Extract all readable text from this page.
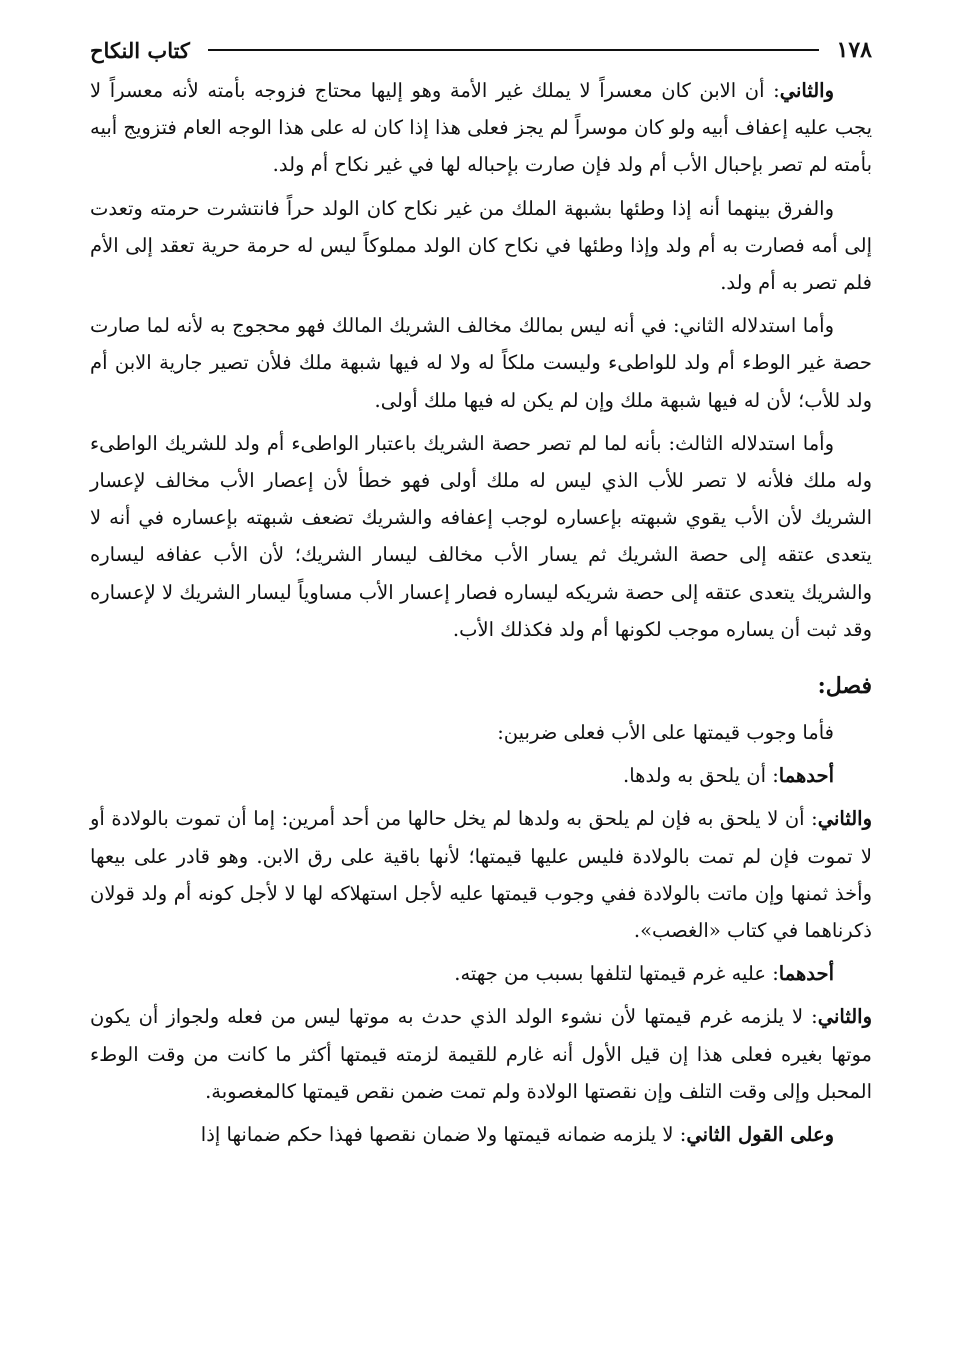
١٧٨
كتاب النكاح

والثاني: أن الابن كان معسراً لا يملك غير الأمة وهو إليها محتاج فزوجه بأمته لأنه معسراً لا يجب عليه إعفاف أبيه ولو كان موسراً لم يجز فعلى هذا إذا كان له على هذا الوجه العام فتزويج أبيه بأمته لم تصر بإحبال الأب أم ولد فإن صارت بإحباله لها في غير نكاح أم ولد.

والفرق بينهما أنه إذا وطئها بشبهة الملك من غير نكاح كان الولد حراً فانتشرت حرمته وتعدت إلى أمه فصارت به أم ولد وإذا وطئها في نكاح كان الولد مملوكاً ليس له حرمة حرية تعقد إلى الأم فلم تصر به أم ولد.

وأما استدلاله الثاني: في أنه ليس بمالك مخالف الشريك المالك فهو محجوج به لأنه لما صارت حصة غير الوطء أم ولد للواطىء وليست ملكاً له ولا له فيها شبهة ملك فلأن تصير جارية الابن أم ولد للأب؛ لأن له فيها شبهة ملك وإن لم يكن له فيها ملك أولى.

وأما استدلاله الثالث: بأنه لما لم تصر حصة الشريك باعتبار الواطىء أم ولد للشريك الواطىء وله ملك فلأنه لا تصر للأب الذي ليس له ملك أولى فهو خطأ لأن إعصار الأب مخالف لإعسار الشريك لأن الأب يقوي شبهته بإعساره لوجب إعفافه والشريك تضعف شبهته بإعساره في أنه لا يتعدى عتقه إلى حصة الشريك ثم يسار الأب مخالف ليسار الشريك؛ لأن الأب عفافه ليساره والشريك يتعدى عتقه إلى حصة شريكه ليساره فصار إعسار الأب مساوياً ليسار الشريك لا لإعساره وقد ثبت أن يساره موجب لكونها أم ولد فكذلك الأب.

فصل:

فأما وجوب قيمتها على الأب فعلى ضربين:

أحدهما: أن يلحق به ولدها.

والثاني: أن لا يلحق به فإن لم يلحق به ولدها لم يخل حالها من أحد أمرين: إما أن تموت بالولادة أو لا تموت فإن لم تمت بالولادة فليس عليها قيمتها؛ لأنها باقية على رق الابن. وهو قادر على بيعها وأخذ ثمنها وإن ماتت بالولادة ففي وجوب قيمتها عليه لأجل استهلاكه لها لا لأجل كونه أم ولد قولان ذكرناهما في كتاب «الغصب».

أحدهما: عليه غرم قيمتها لتلفها بسبب من جهته.

والثاني: لا يلزمه غرم قيمتها لأن نشوء الولد الذي حدث به موتها ليس من فعله ولجواز أن يكون موتها بغيره فعلى هذا إن قيل الأول أنه غارم للقيمة لزمته قيمتها أكثر ما كانت من وقت الوطء المحبل وإلى وقت التلف وإن نقصتها الولادة ولم تمت ضمن نقص قيمتها كالمغصوبة.

وعلى القول الثاني: لا يلزمه ضمانه قيمتها ولا ضمان نقصها فهذا حكم ضمانها إذا
